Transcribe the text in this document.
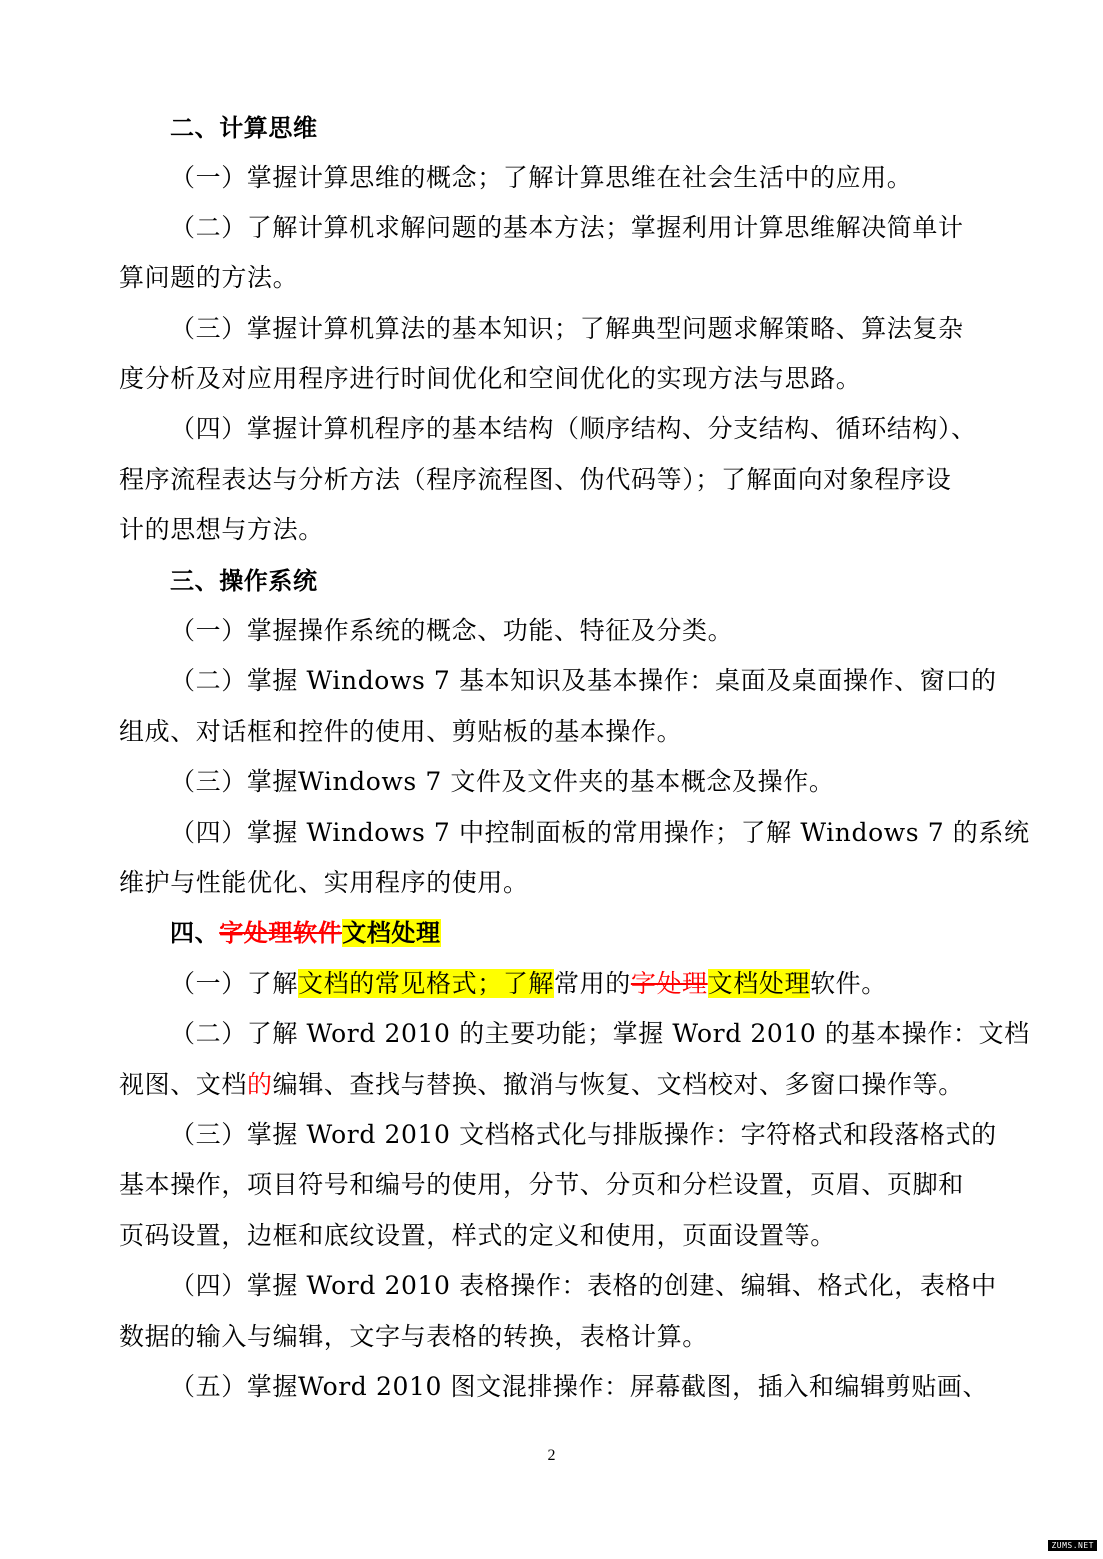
二、计算思维
（一）掌握计算思维的概念；了解计算思维在社会生活中的应用。
（二）了解计算机求解问题的基本方法；掌握利用计算思维解决简单计
算问题的方法。
（三）掌握计算机算法的基本知识；了解典型问题求解策略、算法复杂
度分析及对应用程序进行时间优化和空间优化的实现方法与思路。
（四）掌握计算机程序的基本结构（顺序结构、分支结构、循环结构）、
程序流程表达与分析方法（程序流程图、伪代码等）；了解面向对象程序设
计的思想与方法。
三、操作系统
（一）掌握操作系统的概念、功能、特征及分类。
（二）掌握 Windows 7 基本知识及基本操作：桌面及桌面操作、窗口的
组成、对话框和控件的使用、剪贴板的基本操作。
（三）掌握Windows 7 文件及文件夹的基本概念及操作。
（四）掌握 Windows 7 中控制面板的常用操作；了解 Windows 7 的系统
维护与性能优化、实用程序的使用。
四、字处理软件文档处理
（一）了解文档的常见格式；了解常用的字处理文档处理软件。
（二）了解 Word 2010 的主要功能；掌握 Word 2010 的基本操作：文档
视图、文档的编辑、查找与替换、撤消与恢复、文档校对、多窗口操作等。
（三）掌握 Word 2010 文档格式化与排版操作：字符格式和段落格式的
基本操作，项目符号和编号的使用，分节、分页和分栏设置，页眉、页脚和
页码设置，边框和底纹设置，样式的定义和使用，页面设置等。
（四）掌握 Word 2010 表格操作：表格的创建、编辑、格式化，表格中
数据的输入与编辑，文字与表格的转换，表格计算。
（五）掌握Word 2010 图文混排操作：屏幕截图，插入和编辑剪贴画、
2
ZUMS.NET
